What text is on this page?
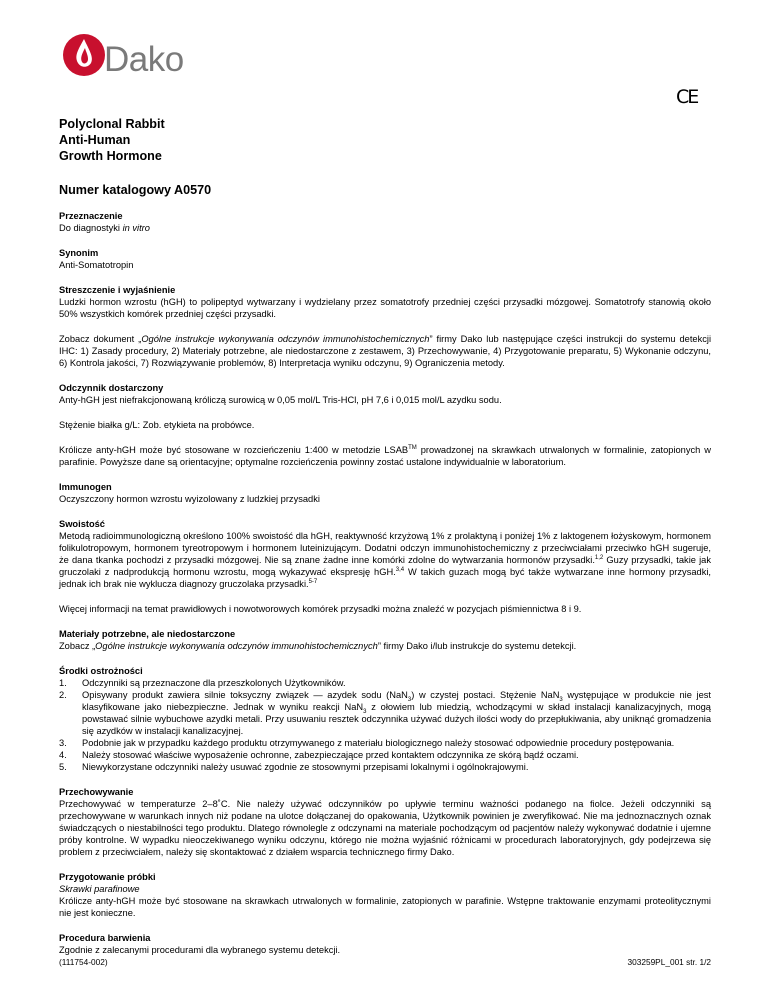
Dako
CE
Polyclonal Rabbit
Anti-Human
Growth Hormone
Numer katalogowy A0570
Przeznaczenie

Do diagnostyki in vitro

Synonim

Anti-Somatotropin

Streszczenie i wyjaśnienie

Ludzki hormon wzrostu (hGH) to polipeptyd wytwarzany i wydzielany przez somatotrofy przedniej części przysadki mózgowej. Somatotrofy stanowią około 50% wszystkich komórek przedniej części przysadki.

Zobacz dokument „Ogólne instrukcje wykonywania odczynów immunohistochemicznych” firmy Dako lub następujące części instrukcji do systemu detekcji IHC: 1) Zasady procedury, 2) Materiały potrzebne, ale niedostarczone z zestawem, 3) Przechowywanie, 4) Przygotowanie preparatu, 5) Wykonanie odczynu, 6) Kontrola jakości, 7) Rozwiązywanie problemów, 8) Interpretacja wyniku odczynu, 9) Ograniczenia metody.

Odczynnik dostarczony

Anty-hGH jest niefrakcjonowaną króliczą surowicą w 0,05 mol/L Tris-HCl, pH 7,6 i 0,015 mol/L azydku sodu.

Stężenie białka g/L: Zob. etykieta na probówce.

Królicze anty-hGH może być stosowane w rozcieńczeniu 1:400 w metodzie LSAB™ prowadzonej na skrawkach utrwalonych w formalinie, zatopionych w parafinie. Powyższe dane są orientacyjne; optymalne rozcieńczenia powinny zostać ustalone indywidualnie w laboratorium.

Immunogen

Oczyszczony hormon wzrostu wyizolowany z ludzkiej przysadki

Swoistość

Metodą radioimmunologiczną określono 100% swoistość dla hGH, reaktywność krzyżową 1% z prolaktyną i poniżej 1% z laktogenem łożyskowym, hormonem folikulotropowym, hormonem tyreotropowym i hormonem luteinizującym. Dodatni odczyn immunohistochemiczny z przeciwciałami przeciwko hGH sugeruje, że dana tkanka pochodzi z przysadki mózgowej. Nie są znane żadne inne komórki zdolne do wytwarzania hormonów przysadki.$^{1,2}$ Guzy przysadki, takie jak gruczolaki z nadprodukcją hormonu wzrostu, mogą wykazywać ekspresję hGH.$^{3,4}$ W takich guzach mogą być także wytwarzane inne hormony przysadki, jednak ich brak nie wyklucza diagnozy gruczolaka przysadki.$^{5-7}$

Więcej informacji na temat prawidłowych i nowotworowych komórek przysadki można znaleźć w pozycjach piśmiennictwa 8 i 9.

Materiały potrzebne, ale niedostarczone

Zobacz „Ogólne instrukcje wykonywania odczynów immunohistochemicznych” firmy Dako i/lub instrukcje do systemu detekcji.

Środki ostrożności
1. Odczynniki są przeznaczone dla przeszkolonych Użytkowników.
2. Opisywany produkt zawiera silnie toksyczny związek — azydek sodu (NaN$_3$) w czystej postaci. Stężenie NaN$_3$ występujące w produkcie nie jest klasyfikowane jako niebezpieczne. Jednak w wyniku reakcji NaN$_3$ z ołowiem lub miedzią, wchodzącymi w skład instalacji kanalizacyjnych, mogą powstawać silnie wybuchowe azydki metali. Przy usuwaniu resztek odczynnika używać dużych ilości wody do przepłukiwania, aby uniknąć gromadzenia się azydków w instalacji kanalizacyjnej.
3. Podobnie jak w przypadku każdego produktu otrzymywanego z materiału biologicznego należy stosować odpowiednie procedury postępowania.
4. Należy stosować właściwe wyposażenie ochronne, zabezpieczające przed kontaktem odczynnika ze skórą bądź oczami.
5. Niewykorzystane odczynniki należy usuwać zgodnie ze stosownymi przepisami lokalnymi i ogólnokrajowymi.
Przechowywanie

Przechowywać w temperaturze 2–8˚C. Nie należy używać odczynników po upływie terminu ważności podanego na fiolce. Jeżeli odczynniki są przechowywane w warunkach innych niż podane na ulotce dołączanej do opakowania, Użytkownik powinien je zweryfikować. Nie ma jednoznacznych oznak świadczących o niestabilności tego produktu. Dlatego równolegle z odczynami na materiale pochodzącym od pacjentów należy wykonywać dodatnie i ujemne próby kontrolne. W wypadku nieoczekiwanego wyniku odczynu, którego nie można wyjaśnić różnicami w procedurach laboratoryjnych, gdy podejrzewa się problem z przeciwciałem, należy się skontaktować z działem wsparcia technicznego firmy Dako.

Przygotowanie próbki

Skrawki parafinowe

Królicze anty-hGH może być stosowane na skrawkach utrwalonych w formalinie, zatopionych w parafinie. Wstępne traktowanie enzymami proteolitycznymi nie jest konieczne.

Procedura barwienia

Zgodnie z zalecanymi procedurami dla wybranego systemu detekcji.

(111754-002)	303259PL_001 str. 1/2
